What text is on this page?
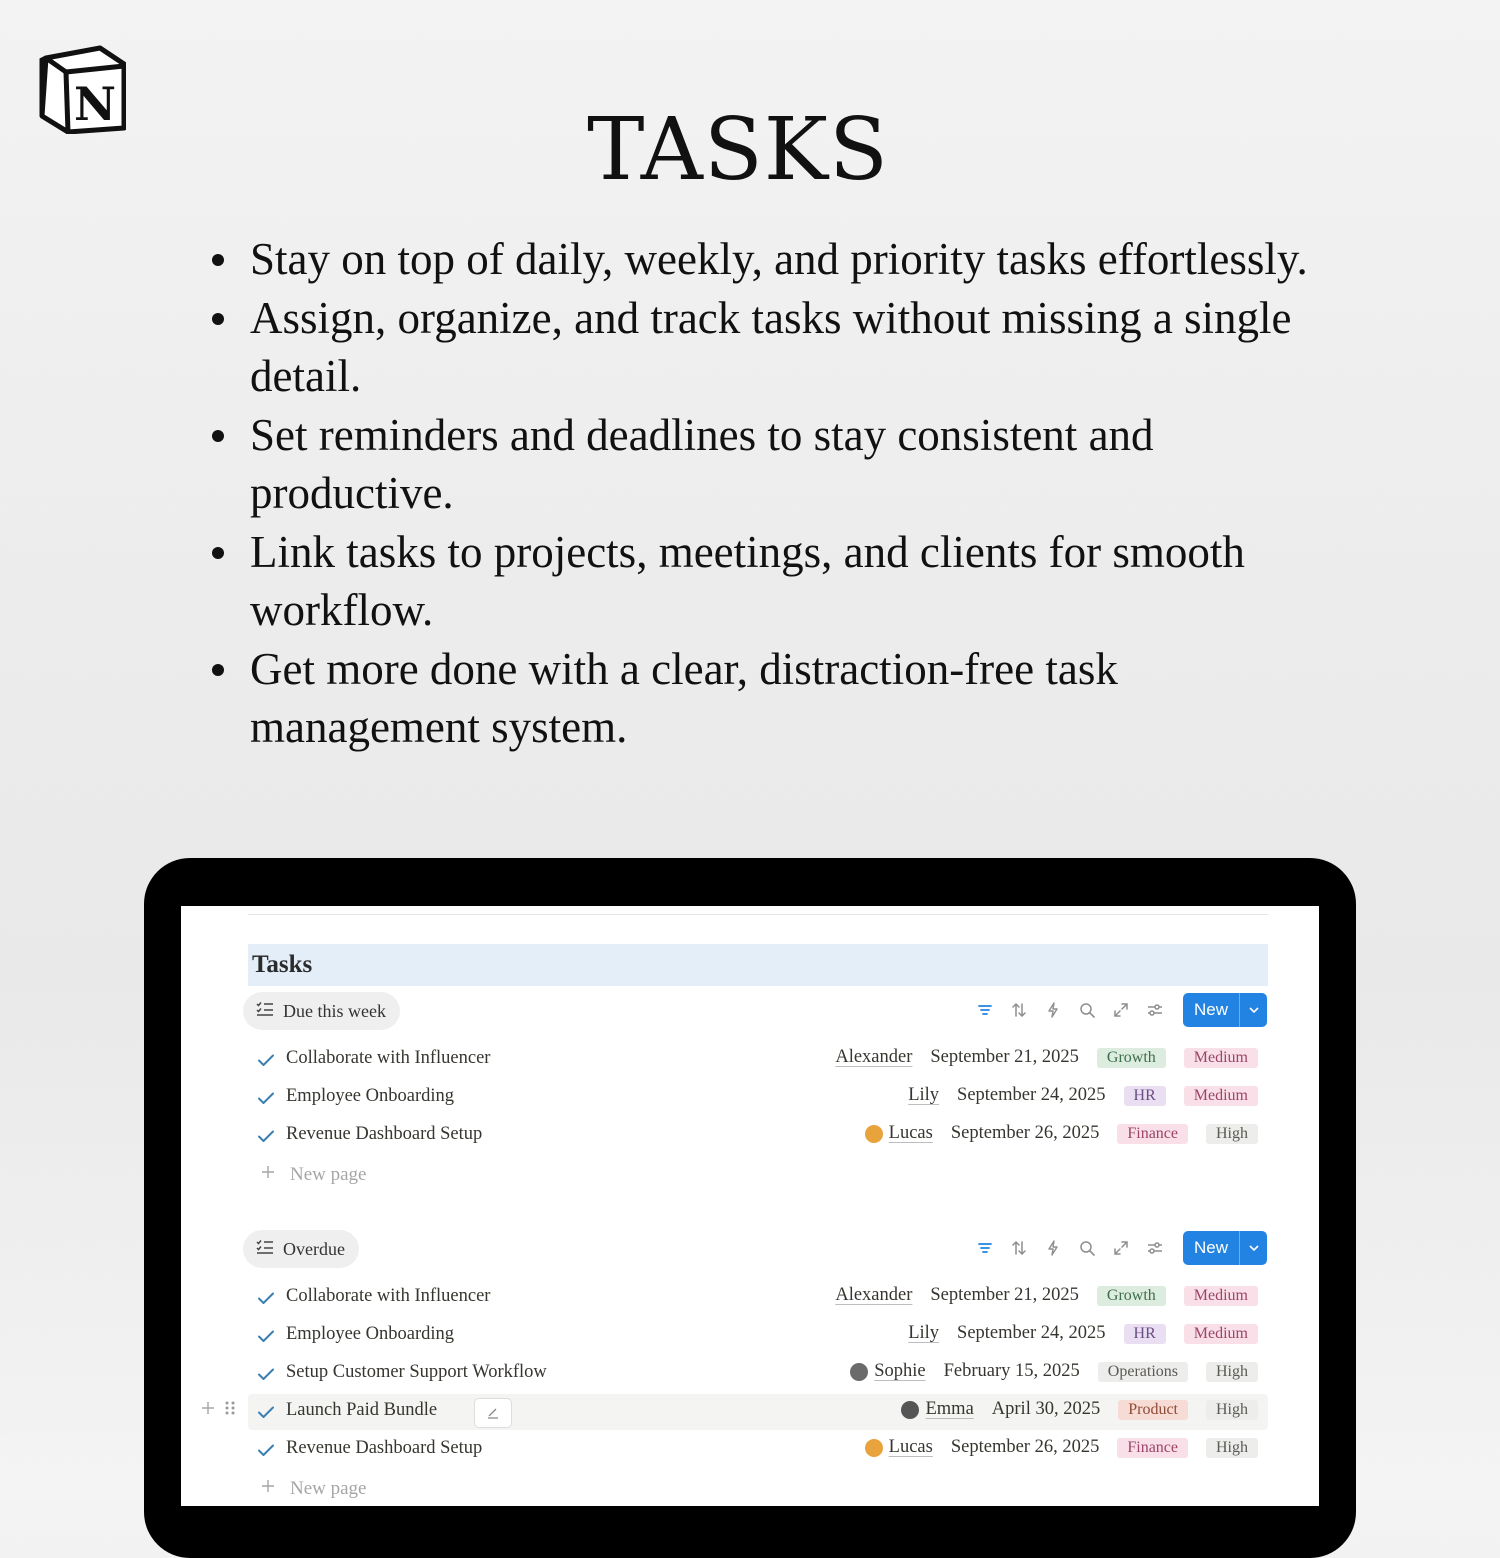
N	TASKS
Stay on top of daily, weekly, and priority tasks effortlessly.
Assign, organize, and track tasks without missing a single detail.
Set reminders and deadlines to stay consistent and productive.
Link tasks to projects, meetings, and clients for smooth workflow.
Get more done with a clear, distraction-free task management system.
Tasks
Due this week	New
Collaborate with Influencer	Alexander September 21, 2025	Growth	Medium
Employee Onboarding	Lily September 24, 2025	HR	Medium
Revenue Dashboard Setup	Lucas September 26, 2025	Finance	High
New page
Overdue	New
Collaborate with Influencer	Alexander September 21, 2025	Growth	Medium
Employee Onboarding	Lily September 24, 2025	HR	Medium
Setup Customer Support Workflow	Sophie February 15, 2025	Operations	High
Launch Paid Bundle	Emma April 30, 2025	Product	High
Revenue Dashboard Setup	Lucas September 26, 2025	Finance	High
New page
